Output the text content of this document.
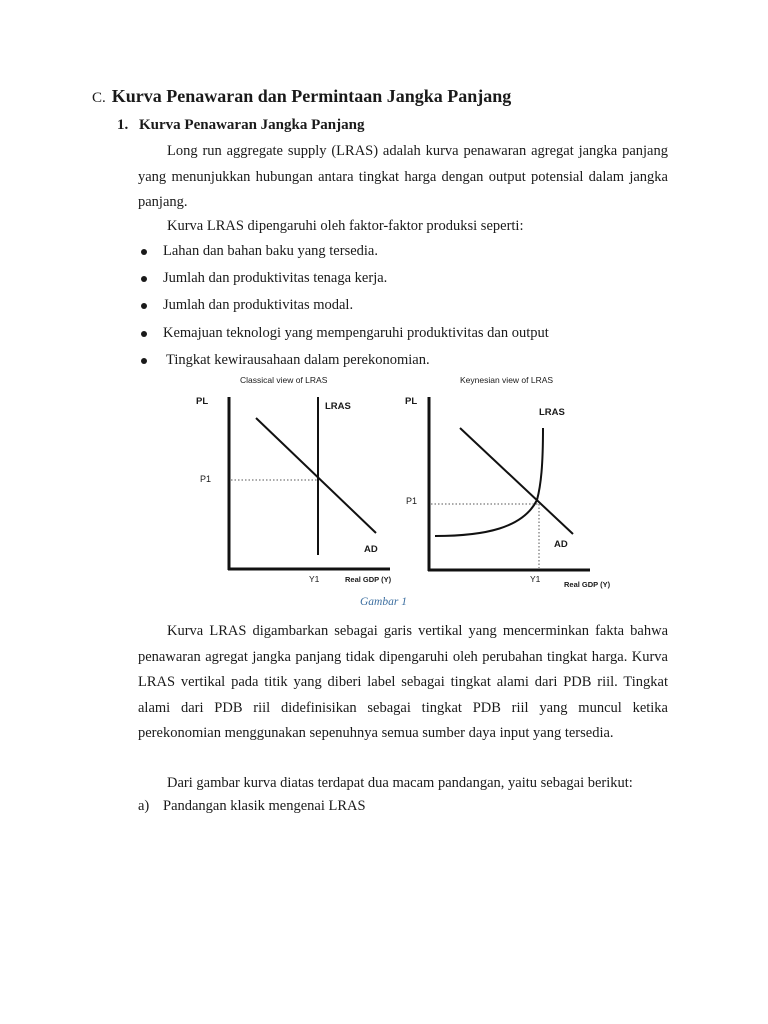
C. Kurva Penawaran dan Permintaan Jangka Panjang
1. Kurva Penawaran Jangka Panjang

Long run aggregate supply (LRAS) adalah kurva penawaran agregat jangka panjang yang menunjukkan hubungan antara tingkat harga dengan output potensial dalam jangka panjang.

Kurva LRAS dipengaruhi oleh faktor-faktor produksi seperti:

Lahan dan bahan baku yang tersedia.
Jumlah dan produktivitas tenaga kerja.
Jumlah dan produktivitas modal.
Kemajuan teknologi yang mempengaruhi produktivitas dan output
Tingkat kewirausahaan dalam perekonomian.
Classical view of LRAS
PL	LRAS
AD
P1
Y1	Real GDP (Y)
Keynesian view of LRAS
PL
LRAS
AD
P1
Y1
Real GDP (Y)
Gambar 1

Kurva LRAS digambarkan sebagai garis vertikal yang mencerminkan fakta bahwa penawaran agregat jangka panjang tidak dipengaruhi oleh perubahan tingkat harga. Kurva LRAS vertikal pada titik yang diberi label sebagai tingkat alami dari PDB riil. Tingkat alami dari PDB riil didefinisikan sebagai tingkat PDB riil yang muncul ketika perekonomian menggunakan sepenuhnya semua sumber daya input yang tersedia.

Dari gambar kurva diatas terdapat dua macam pandangan, yaitu sebagai berikut:

a) Pandangan klasik mengenai LRAS
